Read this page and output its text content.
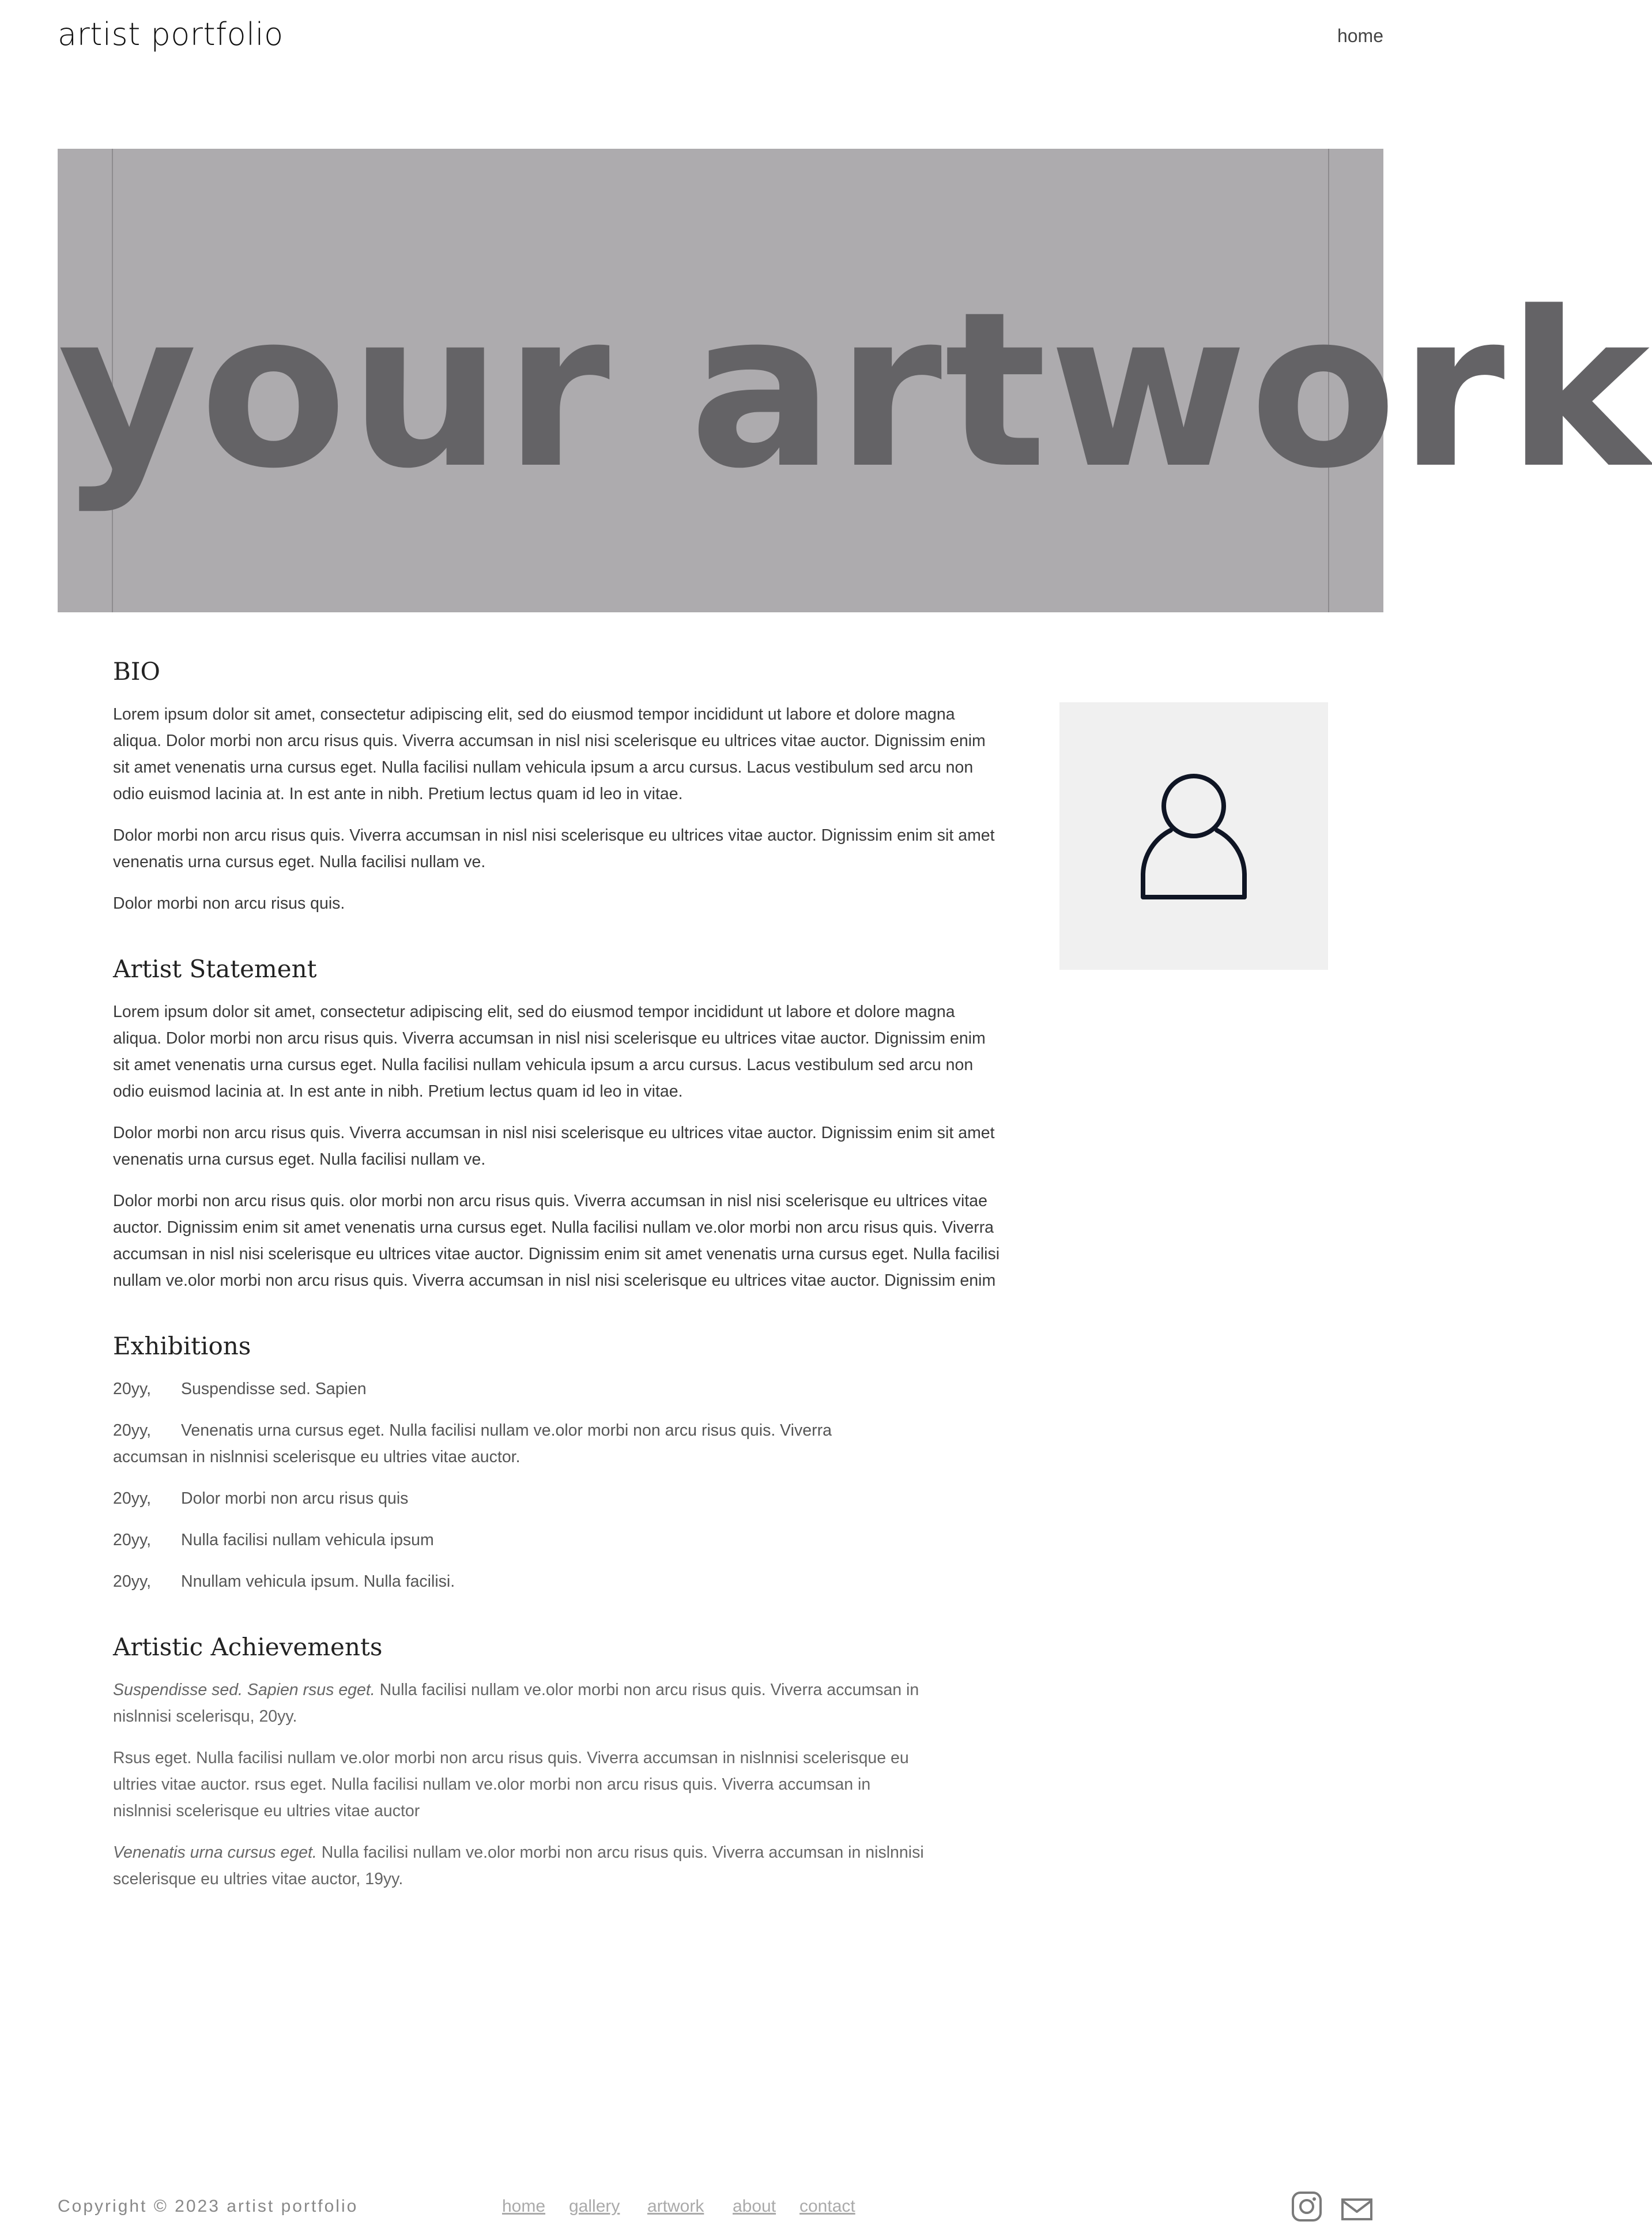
artist portfolio	home
your artwork
BIO

Lorem ipsum dolor sit amet, consectetur adipiscing elit, sed do eiusmod tempor incididunt ut labore et dolore magna aliqua. Dolor morbi non arcu risus quis. Viverra accumsan in nisl nisi scelerisque eu ultrices vitae auctor. Dignissim enim sit amet venenatis urna cursus eget. Nulla facilisi nullam vehicula ipsum a arcu cursus. Lacus vestibulum sed arcu non odio euismod lacinia at. In est ante in nibh. Pretium lectus quam id leo in vitae.

Dolor morbi non arcu risus quis. Viverra accumsan in nisl nisi scelerisque eu ultrices vitae auctor. Dignissim enim sit amet venenatis urna cursus eget. Nulla facilisi nullam ve.

Dolor morbi non arcu risus quis.

Artist Statement

Lorem ipsum dolor sit amet, consectetur adipiscing elit, sed do eiusmod tempor incididunt ut labore et dolore magna aliqua. Dolor morbi non arcu risus quis. Viverra accumsan in nisl nisi scelerisque eu ultrices vitae auctor. Dignissim enim sit amet venenatis urna cursus eget. Nulla facilisi nullam vehicula ipsum a arcu cursus. Lacus vestibulum sed arcu non odio euismod lacinia at. In est ante in nibh. Pretium lectus quam id leo in vitae.

Dolor morbi non arcu risus quis. Viverra accumsan in nisl nisi scelerisque eu ultrices vitae auctor. Dignissim enim sit amet venenatis urna cursus eget. Nulla facilisi nullam ve.

Dolor morbi non arcu risus quis. olor morbi non arcu risus quis. Viverra accumsan in nisl nisi scelerisque eu ultrices vitae auctor. Dignissim enim sit amet venenatis urna cursus eget. Nulla facilisi nullam ve.olor morbi non arcu risus quis. Viverra accumsan in nisl nisi scelerisque eu ultrices vitae auctor. Dignissim enim sit amet venenatis urna cursus eget. Nulla facilisi nullam ve.olor morbi non arcu risus quis. Viverra accumsan in nisl nisi scelerisque eu ultrices vitae auctor. Dignissim enim

Exhibitions
20yy, Suspendisse sed. Sapien
20yy, Venenatis urna cursus eget. Nulla facilisi nullam ve.olor morbi non arcu risus quis. Viverra accumsan in nislnnisi scelerisque eu ultries vitae auctor.
20yy, Dolor morbi non arcu risus quis
20yy, Nulla facilisi nullam vehicula ipsum
20yy, Nnullam vehicula ipsum. Nulla facilisi.
Artistic Achievements
Suspendisse sed. Sapien rsus eget. Nulla facilisi nullam ve.olor morbi non arcu risus quis. Viverra accumsan in nislnnisi scelerisqu, 20yy.
Rsus eget. Nulla facilisi nullam ve.olor morbi non arcu risus quis. Viverra accumsan in nislnnisi scelerisque eu ultries vitae auctor. rsus eget. Nulla facilisi nullam ve.olor morbi non arcu risus quis. Viverra accumsan in nislnnisi scelerisque eu ultries vitae auctor
Venenatis urna cursus eget. Nulla facilisi nullam ve.olor morbi non arcu risus quis. Viverra accumsan in nislnnisi scelerisque eu ultries vitae auctor, 19yy.
Copyright © 2023 artist portfolio	home gallery artwork about contact
